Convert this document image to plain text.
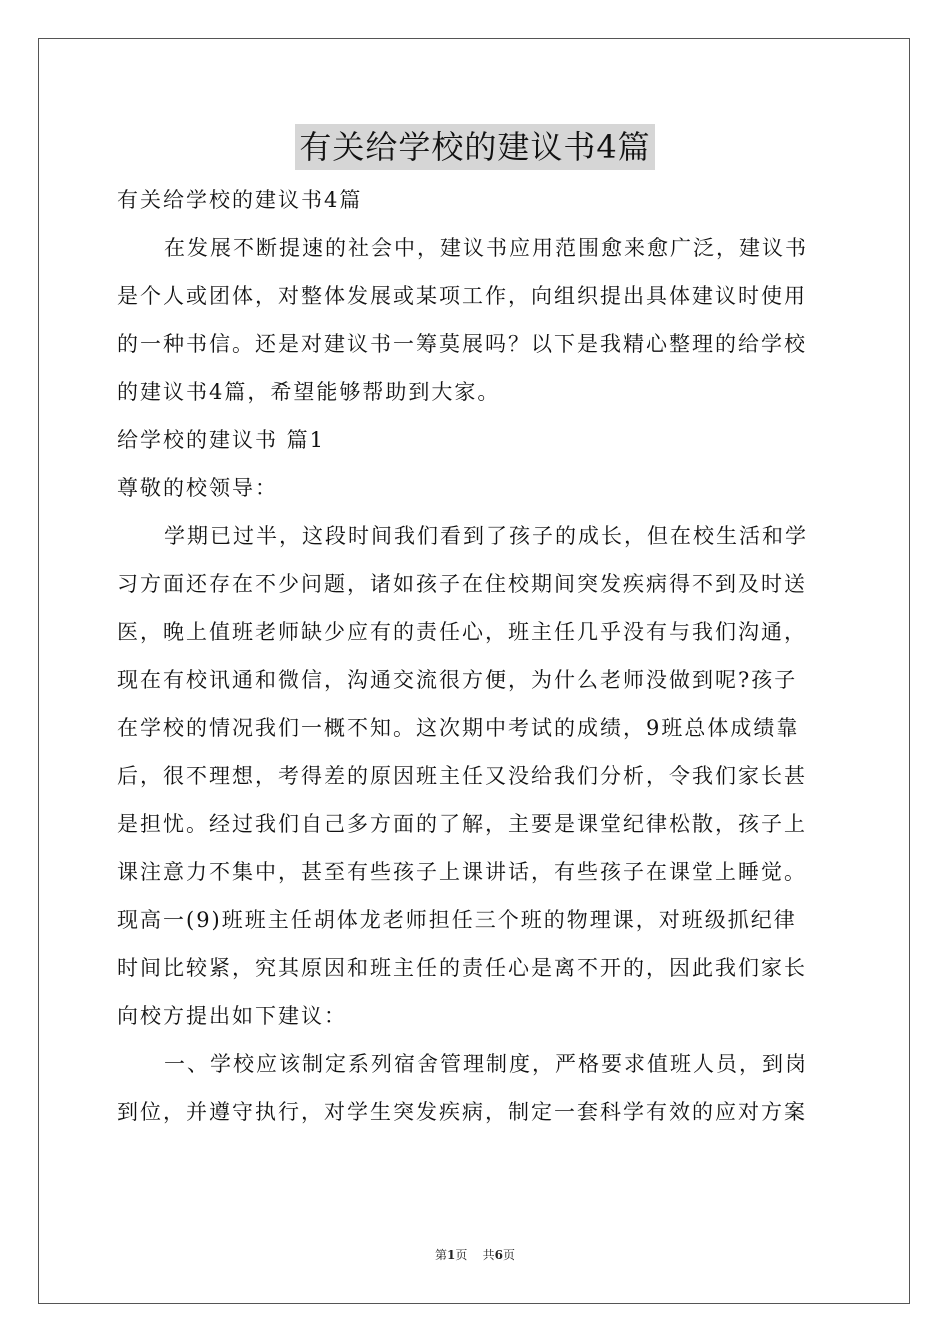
有关给学校的建议书4篇
有关给学校的建议书4篇
在发展不断提速的社会中，建议书应用范围愈来愈广泛，建议书
是个人或团体，对整体发展或某项工作，向组织提出具体建议时使用
的一种书信。还是对建议书一筹莫展吗？以下是我精心整理的给学校
的建议书4篇，希望能够帮助到大家。
给学校的建议书 篇1
尊敬的校领导：
学期已过半，这段时间我们看到了孩子的成长，但在校生活和学
习方面还存在不少问题，诸如孩子在住校期间突发疾病得不到及时送
医，晚上值班老师缺少应有的责任心，班主任几乎没有与我们沟通，
现在有校讯通和微信，沟通交流很方便，为什么老师没做到呢?孩子
在学校的情况我们一概不知。这次期中考试的成绩，9班总体成绩靠
后，很不理想，考得差的原因班主任又没给我们分析，令我们家长甚
是担忧。经过我们自己多方面的了解，主要是课堂纪律松散，孩子上
课注意力不集中，甚至有些孩子上课讲话，有些孩子在课堂上睡觉。
现高一(9)班班主任胡体龙老师担任三个班的物理课，对班级抓纪律
时间比较紧，究其原因和班主任的责任心是离不开的，因此我们家长
向校方提出如下建议：
一、学校应该制定系列宿舍管理制度，严格要求值班人员，到岗
到位，并遵守执行，对学生突发疾病，制定一套科学有效的应对方案
第1页    共6页
